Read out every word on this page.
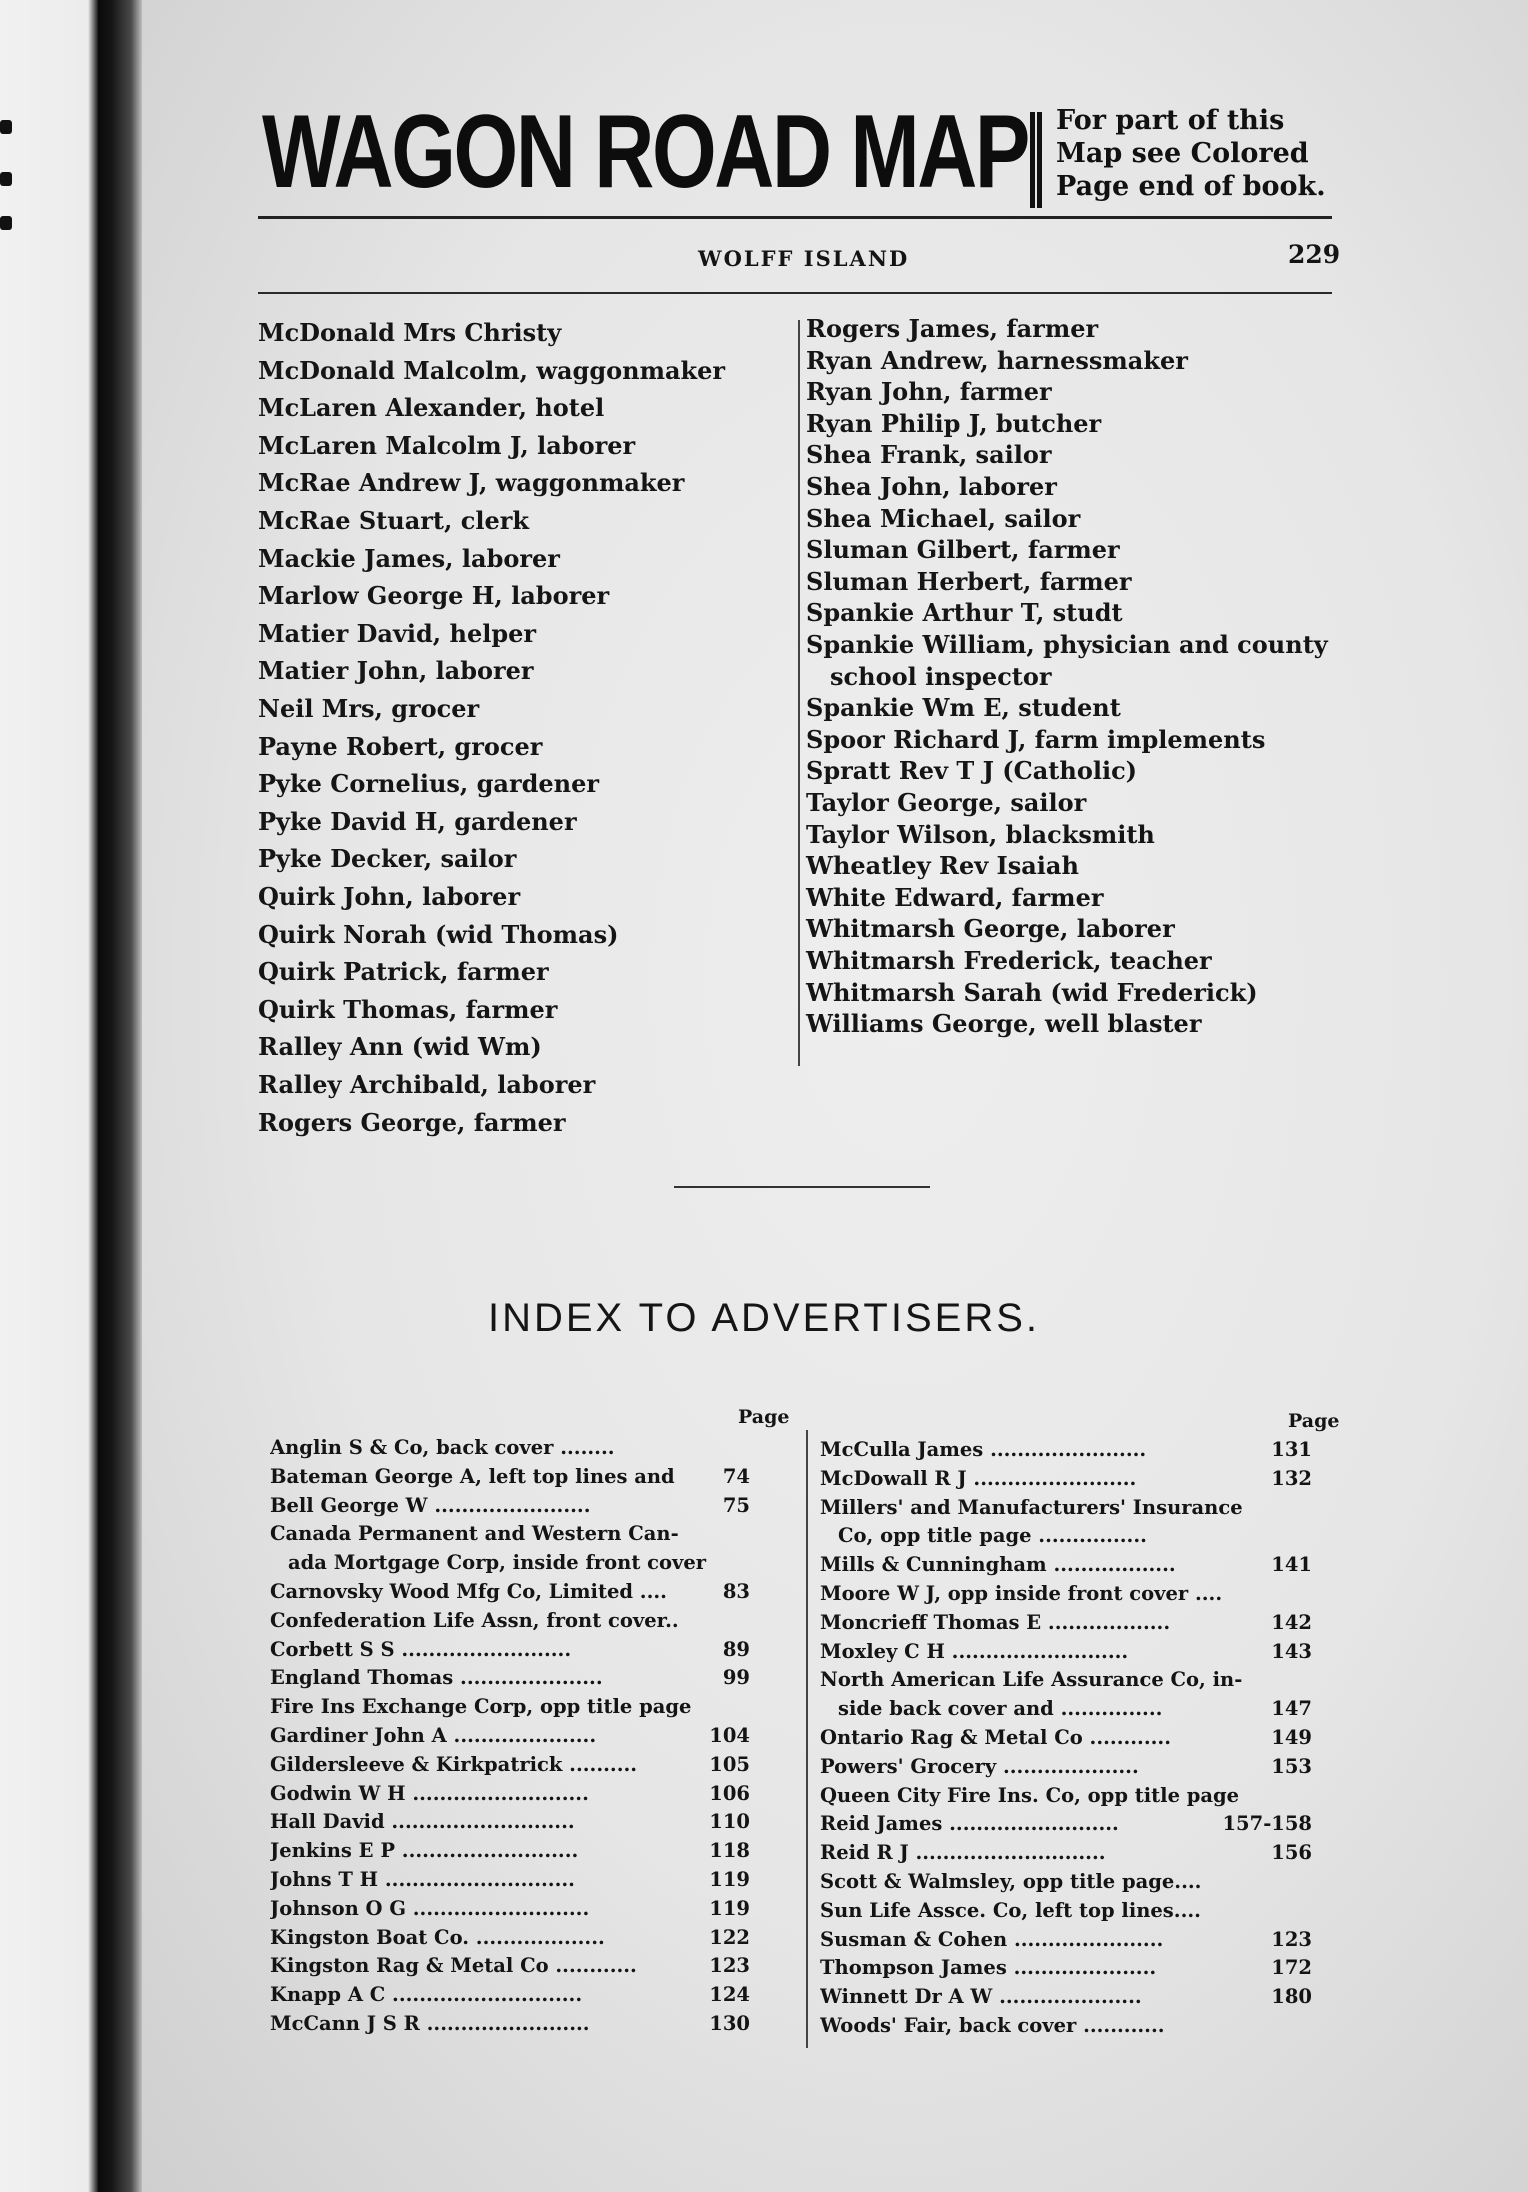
WAGON ROAD MAP For part of this
Map see Colored
Page end of book.
WOLFF ISLAND	229
McDonald Mrs Christy
McDonald Malcolm, waggonmaker
McLaren Alexander, hotel
McLaren Malcolm J, laborer
McRae Andrew J, waggonmaker
McRae Stuart, clerk
Mackie James, laborer
Marlow George H, laborer
Matier David, helper
Matier John, laborer
Neil Mrs, grocer
Payne Robert, grocer
Pyke Cornelius, gardener
Pyke David H, gardener
Pyke Decker, sailor
Quirk John, laborer
Quirk Norah (wid Thomas)
Quirk Patrick, farmer
Quirk Thomas, farmer
Ralley Ann (wid Wm)
Ralley Archibald, laborer
Rogers George, farmer
Rogers James, farmer
Ryan Andrew, harnessmaker
Ryan John, farmer
Ryan Philip J, butcher
Shea Frank, sailor
Shea John, laborer
Shea Michael, sailor
Sluman Gilbert, farmer
Sluman Herbert, farmer
Spankie Arthur T, studt
Spankie William, physician and county
school inspector
Spankie Wm E, student
Spoor Richard J, farm implements
Spratt Rev T J (Catholic)
Taylor George, sailor
Taylor Wilson, blacksmith
Wheatley Rev Isaiah
White Edward, farmer
Whitmarsh George, laborer
Whitmarsh Frederick, teacher
Whitmarsh Sarah (wid Frederick)
Williams George, well blaster
INDEX TO ADVERTISERS.
Page	Page
Anglin S & Co, back cover ........
Bateman George A, left top lines and 74
Bell George W .......................	75
Canada Permanent and Western Can-
ada Mortgage Corp, inside front cover
Carnovsky Wood Mfg Co, Limited ....	83
Confederation Life Assn, front cover..
Corbett S S .........................	89
England Thomas .....................	99
Fire Ins Exchange Corp, opp title page
Gardiner John A .....................	104
Gildersleeve & Kirkpatrick ..........	105
Godwin W H ..........................	106
Hall David ...........................	110
Jenkins E P ..........................	118
Johns T H ............................	119
Johnson O G ..........................	119
Kingston Boat Co. ...................	122
Kingston Rag & Metal Co ............	123
Knapp A C ............................	124
McCann J S R ........................	130
McCulla James .......................	131
McDowall R J ........................	132
Millers' and Manufacturers' Insurance
Co, opp title page ................
Mills & Cunningham ..................	141
Moore W J, opp inside front cover ....
Moncrieff Thomas E ..................	142
Moxley C H ..........................	143
North American Life Assurance Co, in-
side back cover and ...............	147
Ontario Rag & Metal Co ............	149
Powers' Grocery ....................	153
Queen City Fire Ins. Co, opp title page
Reid James .........................	157-158
Reid R J ............................	156
Scott & Walmsley, opp title page....
Sun Life Assce. Co, left top lines....
Susman & Cohen ......................	123
Thompson James .....................	172
Winnett Dr A W .....................	180
Woods' Fair, back cover ............
